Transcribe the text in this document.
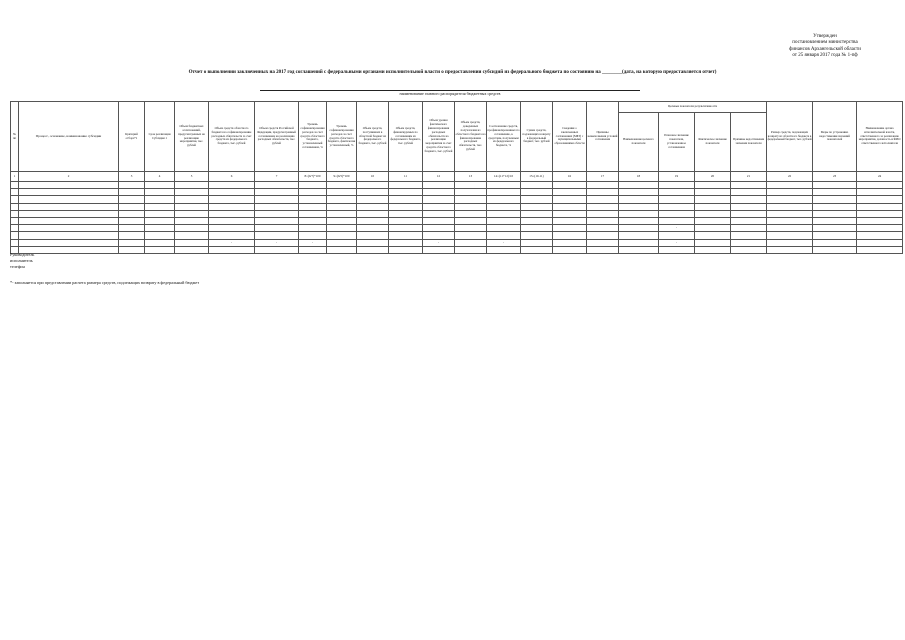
Утвержден
постановлением министерства
финансов Архангельской области
от 25 января 2017 года № 1-пф
Отчет о выполнении заключенных на 2017 год соглашений с федеральными органами исполнительной власти о предоставлении субсидий из федерального бюджета по состоянию на ________(дата, на которую предоставляется отчет)
наименование главного распорядителя бюджетных средств
№ пп	Процесс, основание, наименование субсидии	Критерий отбора*1	Срок реализации Субсидии 1	Объем бюджетных ассигнований, предусмотренных на реализацию мероприятия, тыс. рублей	Объем средств областного бюджета на софинансирование расходных обязательств за счет средств из федерального бюджета, тыс. рублей	Объем средств Российской Федерации, предусмотренный соглашением на реализацию расходных обязательств, тыс. рублей	Уровень софинансирования расходов за счет средств областного бюджета, установленный соглашением, %	Уровень софинансирования расходов за счет средств областного бюджета, фактически установленный, %	Объем средств, поступивших в областной бюджет из федерального бюджета, тыс. рублей	Объем средств, финансируемых по соглашениям из федерального бюджета, тыс. рублей	Объем уровня фактического финансирования расходных обязательств на реализацию мероприятия за счет средств областного бюджета, тыс. рублей	Объем средств, доведенных получателям из областного бюджета на финансирование расходных обязательств, тыс. рублей	Соотношение средств, профинансированных по соглашению, к средствам, полученным из федерального бюджета, %	Сумма средств, подлежащих возврату в федеральный бюджет, тыс. рублей	Сведения о заключенных соглашениях (МБТ) с муниципальными образованиями области	Причины невыполнения условий соглашения	Целевые показатели результативности				Размер средств, подлежащих возврату из областного бюджета в федеральный бюджет, тыс. рублей	Меры по устранению недостижения значений показателей	Наименование органа исполнительной власти, ответственного за реализацию мероприятия, должность и ФИО ответственного исполнителя
																	Наименование целевого показателя	Плановое значение показателя, установленное соглашением	Фактическое значение показателя	Причины недостижения значения показателя			
1	2	3	4	5	6	7	8=(6/7)*100	9=(6/5)*100	10	11	12	13	14=(11+12)/10	15=(10-11)	16	17	18	19	20	21	22	23	24

																		-					

					-	-	-				-		-					-					

Руководитель
исполнитель
телефон
*- заполняется при представлении расчета размера средств, подлежащих возврату в федеральный бюджет
